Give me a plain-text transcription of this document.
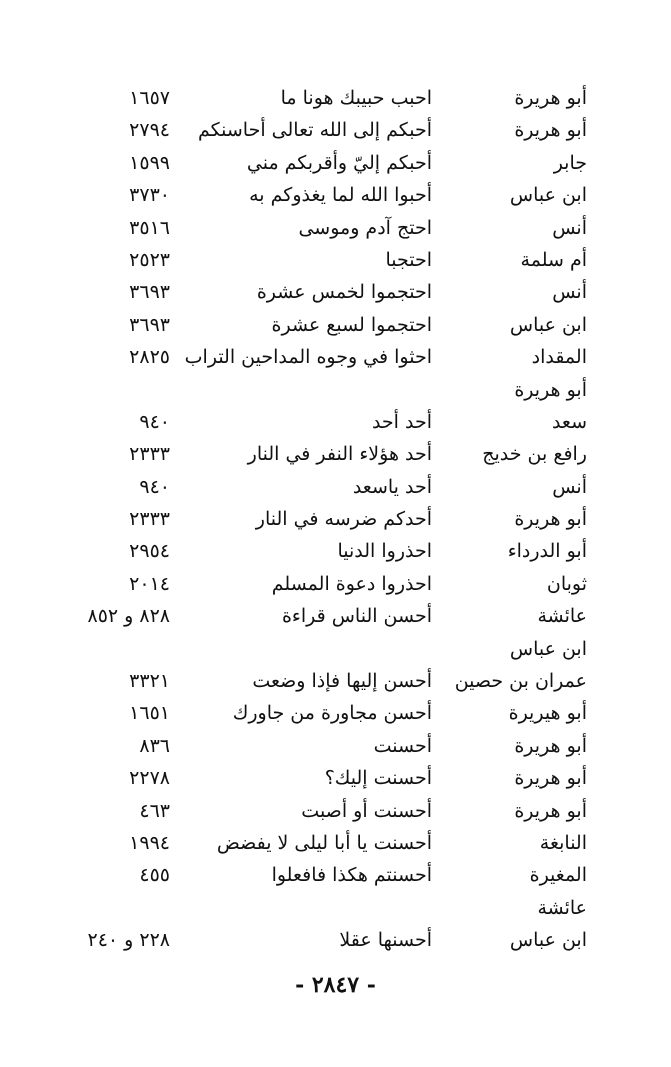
أبو هريرة
احبب حبيبك هونا ما
١٦٥٧
أبو هريرة
أحبكم إلى الله تعالى أحاسنكم
٢٧٩٤
جابر
أحبكم إليّ وأقربكم مني
١٥٩٩
ابن عباس
أحبوا الله لما يغذوكم به
٣٧٣٠
أنس
احتج آدم وموسى
٣٥١٦
أم سلمة
احتجبا
٢٥٢٣
أنس
احتجموا لخمس عشرة
٣٦٩٣
ابن عباس
احتجموا لسبع عشرة
٣٦٩٣
المقداد
احثوا في وجوه المداحين التراب
٢٨٢٥
أبو هريرة
سعد
أحد أحد
٩٤٠
رافع بن خديج
أحد هؤلاء النفر في النار
٢٣٣٣
أنس
أحد ياسعد
٩٤٠
أبو هريرة
أحدكم ضرسه في النار
٢٣٣٣
أبو الدرداء
احذروا الدنيا
٢٩٥٤
ثوبان
احذروا دعوة المسلم
٢٠١٤
عائشة
أحسن الناس قراءة
٨٢٨ و ٨٥٢
ابن عباس
عمران بن حصين
أحسن إليها فإذا وضعت
٣٣٢١
أبو هيريرة
أحسن مجاورة من جاورك
١٦٥١
أبو هريرة
أحسنت
٨٣٦
أبو هريرة
أحسنت إليك؟
٢٢٧٨
أبو هريرة
أحسنت أو أصبت
٤٦٣
النابغة
أحسنت يا أبا ليلى لا يفضض
١٩٩٤
المغيرة
أحسنتم هكذا فافعلوا
٤٥٥
عائشة
ابن عباس
أحسنها عقلا
٢٢٨ و ٢٤٠
- ٢٨٤٧ -
